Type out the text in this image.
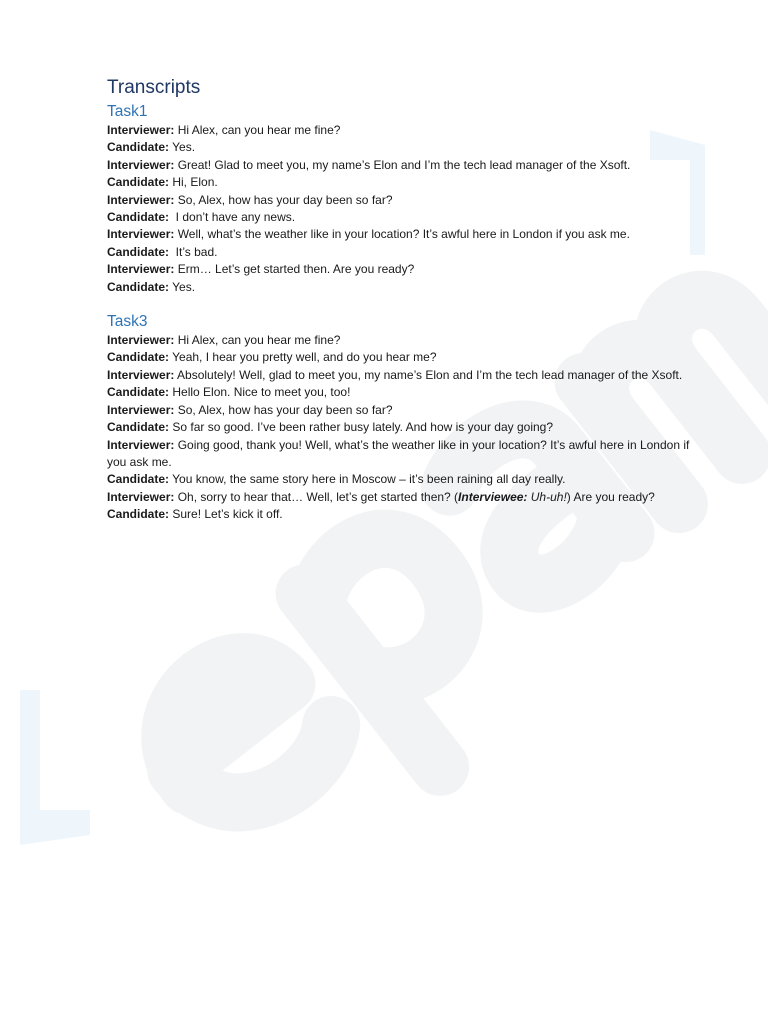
Transcripts
Task1

Interviewer: Hi Alex, can you hear me fine?

Candidate: Yes.

Interviewer: Great! Glad to meet you, my name’s Elon and I’m the tech lead manager of the Xsoft.

Candidate: Hi, Elon.

Interviewer: So, Alex, how has your day been so far?

Candidate:  I don’t have any news.

Interviewer: Well, what’s the weather like in your location? It’s awful here in London if you ask me.

Candidate:  It’s bad.

Interviewer: Erm… Let’s get started then. Are you ready?

Candidate: Yes.

Task3

Interviewer: Hi Alex, can you hear me fine?

Candidate: Yeah, I hear you pretty well, and do you hear me?

Interviewer: Absolutely! Well, glad to meet you, my name’s Elon and I’m the tech lead manager of the Xsoft.

Candidate: Hello Elon. Nice to meet you, too!

Interviewer: So, Alex, how has your day been so far?

Candidate: So far so good. I’ve been rather busy lately. And how is your day going?

Interviewer: Going good, thank you! Well, what’s the weather like in your location? It’s awful here in London if you ask me.

Candidate: You know, the same story here in Moscow – it’s been raining all day really.

Interviewer: Oh, sorry to hear that… Well, let’s get started then? (Interviewee: Uh-uh!) Are you ready?

Candidate: Sure! Let’s kick it off.
